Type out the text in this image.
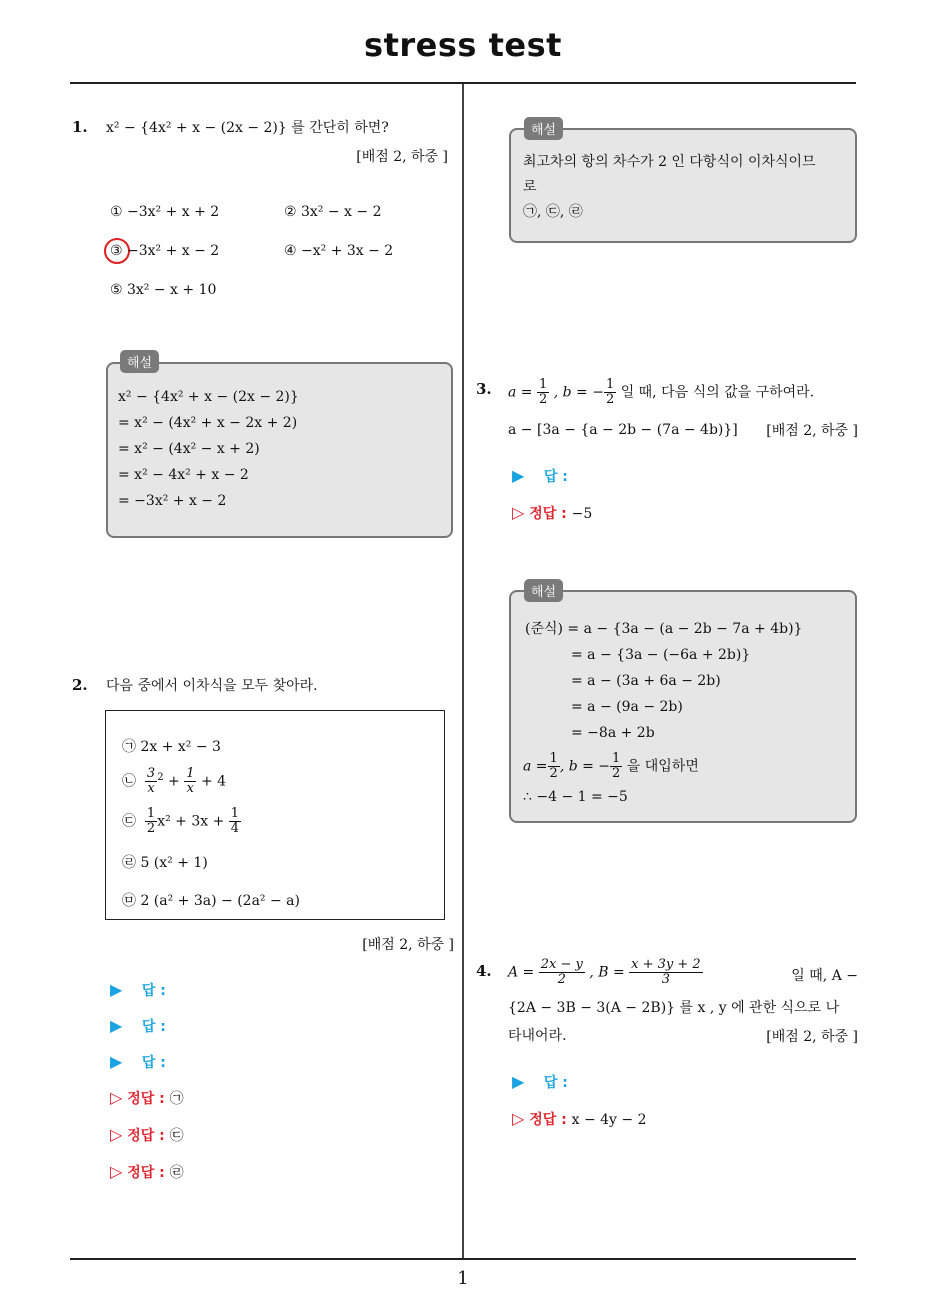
stress test
1
1. x² − {4x² + x − (2x − 2)} 를 간단히 하면?
[배점 2, 하중 ]
① −3x² + x + 2	② 3x² − x − 2
③ −3x² + x − 2	④ −x² + 3x − 2
⑤ 3x² − x + 10
x² − {4x² + x − (2x − 2)}
= x² − (4x² + x − 2x + 2)
= x² − (4x² − x + 2)
= x² − 4x² + x − 2
= −3x² + x − 2
해설
2. 다음 중에서 이차식을 모두 찾아라.
㉠ 2x + x² − 3
㉡ $\frac{3}{x} ^2 + \frac{1}{x} + 4$
㉢ $\frac{1}{2} x^2 + 3x + \frac{1}{4}$
㉣ 5 (x² + 1)
㉤ 2 (a² + 3a) − (2a² − a)
[배점 2, 하중 ]
▶ 답 :
▶ 답 :
▶ 답 :
▷ 정답 : ㉠
▷ 정답 : ㉢
▷ 정답 : ㉣
최고차의 항의 차수가 2 인 다항식이 이차식이므
로
㉠, ㉢, ㉣
해설
3. $a = \frac{1}{2}$ , b = − $\frac{1}{2}$ 일 때, 다음 식의 값을 구하여라.
a − [3a − {a − 2b − (7a − 4b)}] [배점 2, 하중 ]
▶ 답 :
▷ 정답 : −5
(준식) = a − {3a − (a − 2b − 7a + 4b)}
= a − {3a − (−6a + 2b)}
= a − (3a + 6a − 2b)
= a − (9a − 2b)
= −8a + 2b
$a = \frac{1}{2}$ , b = − $\frac{1}{2}$ 을 대입하면
∴ −4 − 1 = −5
해설
4. $A = \frac{2x - y}{2}$ , $B = \frac{x + 3y + 2}{3}$	일 때, A −
{2A − 3B − 3(A − 2B)} 를 x , y 에 관한 식으로 나
타내어라.	[배점 2, 하중 ]
▶ 답 :
▷ 정답 : x − 4y − 2
